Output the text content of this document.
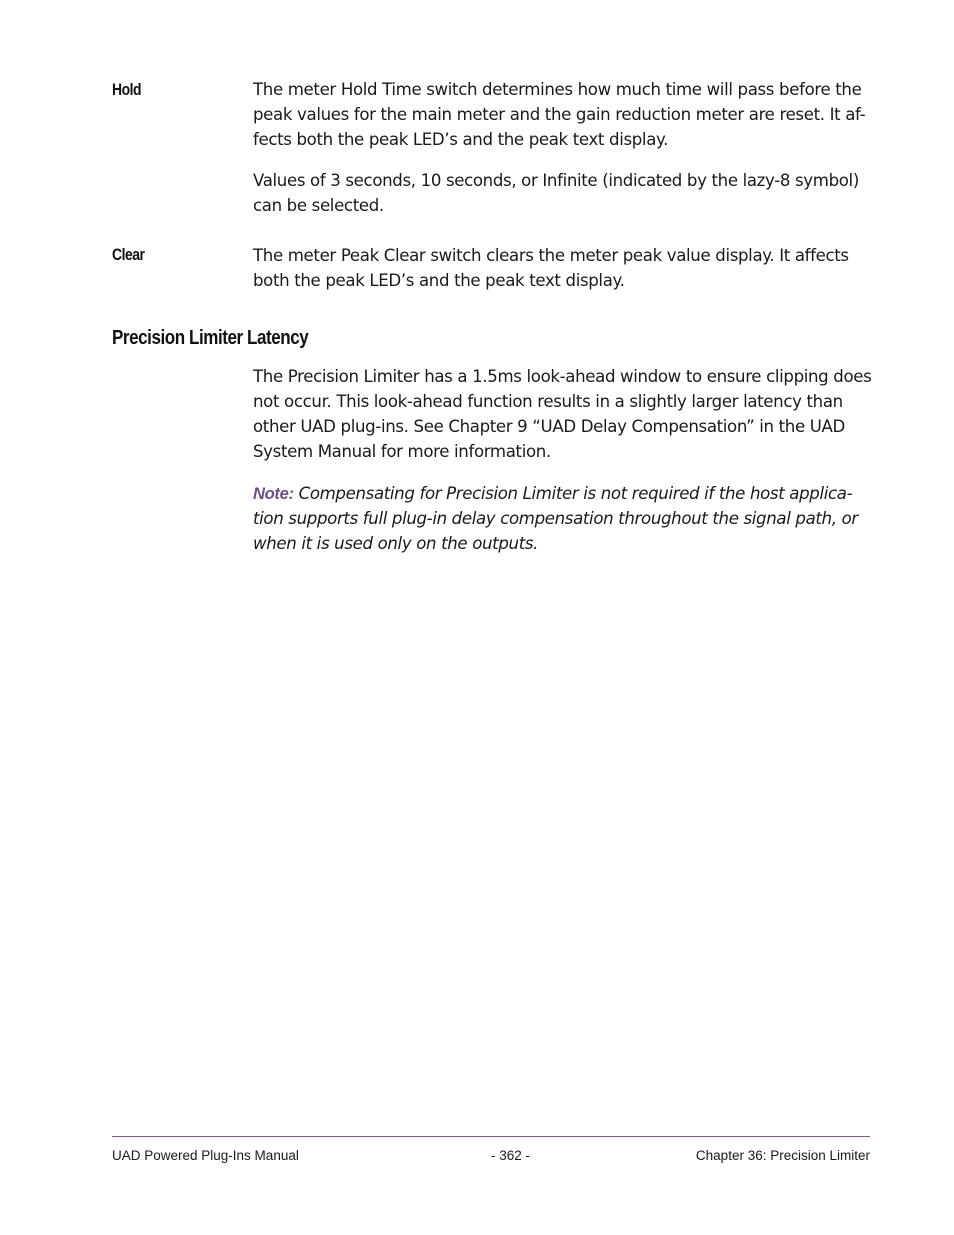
Hold	The meter Hold Time switch determines how much time will pass before the
peak values for the main meter and the gain reduction meter are reset. It af-
fects both the peak LED’s and the peak text display.

Values of 3 seconds, 10 seconds, or Infinite (indicated by the lazy-8 symbol)
can be selected.

Clear	The meter Peak Clear switch clears the meter peak value display. It affects
both the peak LED’s and the peak text display.

Precision Limiter Latency

The Precision Limiter has a 1.5ms look-ahead window to ensure clipping does
not occur. This look-ahead function results in a slightly larger latency than
other UAD plug-ins. See Chapter 9 “UAD Delay Compensation” in the UAD
System Manual for more information.

Note: Compensating for Precision Limiter is not required if the host applica-
tion supports full plug-in delay compensation throughout the signal path, or
when it is used only on the outputs.

UAD Powered Plug-Ins Manual	- 362 -	Chapter 36: Precision Limiter
